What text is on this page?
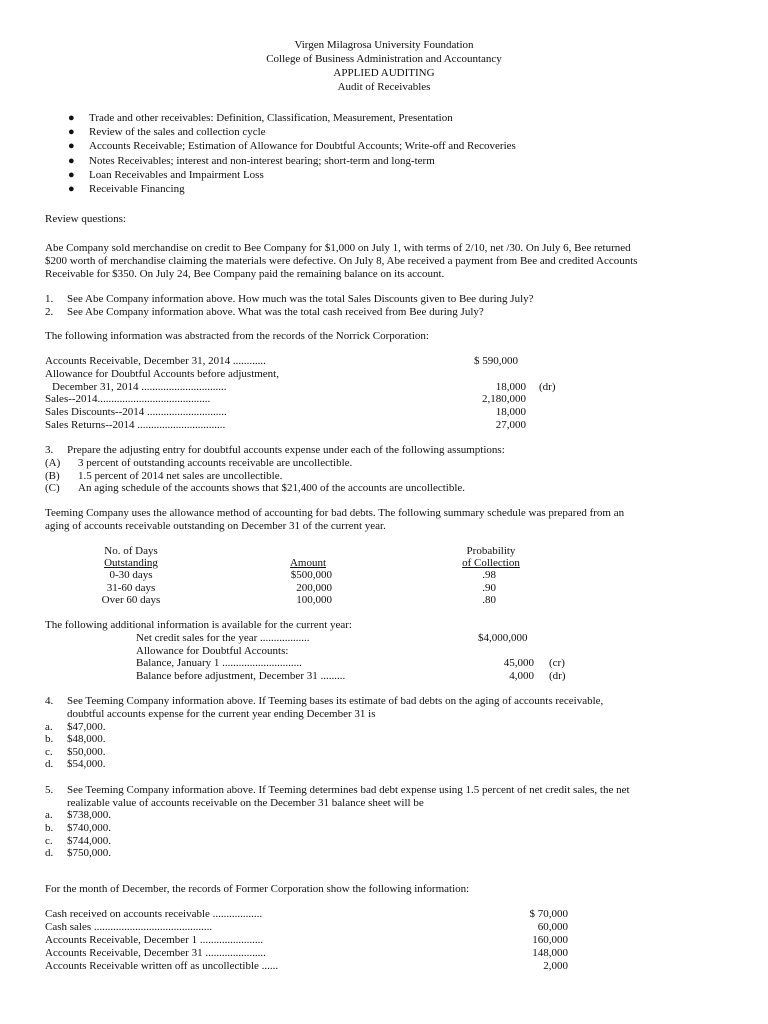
Virgen Milagrosa University Foundation
College of Business Administration and Accountancy
APPLIED AUDITING
Audit of Receivables
● Trade and other receivables: Definition, Classification, Measurement, Presentation
● Review of the sales and collection cycle
● Accounts Receivable; Estimation of Allowance for Doubtful Accounts; Write-off and Recoveries
● Notes Receivables; interest and non-interest bearing; short-term and long-term
● Loan Receivables and Impairment Loss
● Receivable Financing
Review questions:
Abe Company sold merchandise on credit to Bee Company for $1,000 on July 1, with terms of 2/10, net /30. On July 6, Bee returned
$200 worth of merchandise claiming the materials were defective. On July 8, Abe received a payment from Bee and credited Accounts
Receivable for $350. On July 24, Bee Company paid the remaining balance on its account.
1. See Abe Company information above. How much was the total Sales Discounts given to Bee during July?
2. See Abe Company information above. What was the total cash received from Bee during July?
The following information was abstracted from the records of the Norrick Corporation:
Accounts Receivable, December 31, 2014 ............	$ 590,000
Allowance for Doubtful Accounts before adjustment,
December 31, 2014 ...............................	18,000 (dr)
Sales--2014.........................................	2,180,000
Sales Discounts--2014 .............................	18,000
Sales Returns--2014 ................................	27,000
3. Prepare the adjusting entry for doubtful accounts expense under each of the following assumptions:
(A) 3 percent of outstanding accounts receivable are uncollectible.
(B) 1.5 percent of 2014 net sales are uncollectible.
(C) An aging schedule of the accounts shows that $21,400 of the accounts are uncollectible.
Teeming Company uses the allowance method of accounting for bad debts. The following summary schedule was prepared from an
aging of accounts receivable outstanding on December 31 of the current year.
No. of Days	Probability
Outstanding	Amount	of Collection
0-30 days	$500,000	.98
31-60 days	200,000	.90
Over 60 days	100,000	.80
The following additional information is available for the current year:
Net credit sales for the year ..................	$4,000,000
Allowance for Doubtful Accounts:
Balance, January 1 .............................	45,000 (cr)
Balance before adjustment, December 31 .........	4,000 (dr)
4. See Teeming Company information above. If Teeming bases its estimate of bad debts on the aging of accounts receivable,
doubtful accounts expense for the current year ending December 31 is
a. $47,000.
b. $48,000.
c. $50,000.
d. $54,000.
5. See Teeming Company information above. If Teeming determines bad debt expense using 1.5 percent of net credit sales, the net
realizable value of accounts receivable on the December 31 balance sheet will be
a. $738,000.
b. $740,000.
c. $744,000.
d. $750,000.
For the month of December, the records of Former Corporation show the following information:
Cash received on accounts receivable ..................	$ 70,000
Cash sales ...........................................	60,000
Accounts Receivable, December 1 .......................	160,000
Accounts Receivable, December 31 ......................	148,000
Accounts Receivable written off as uncollectible ......	2,000
